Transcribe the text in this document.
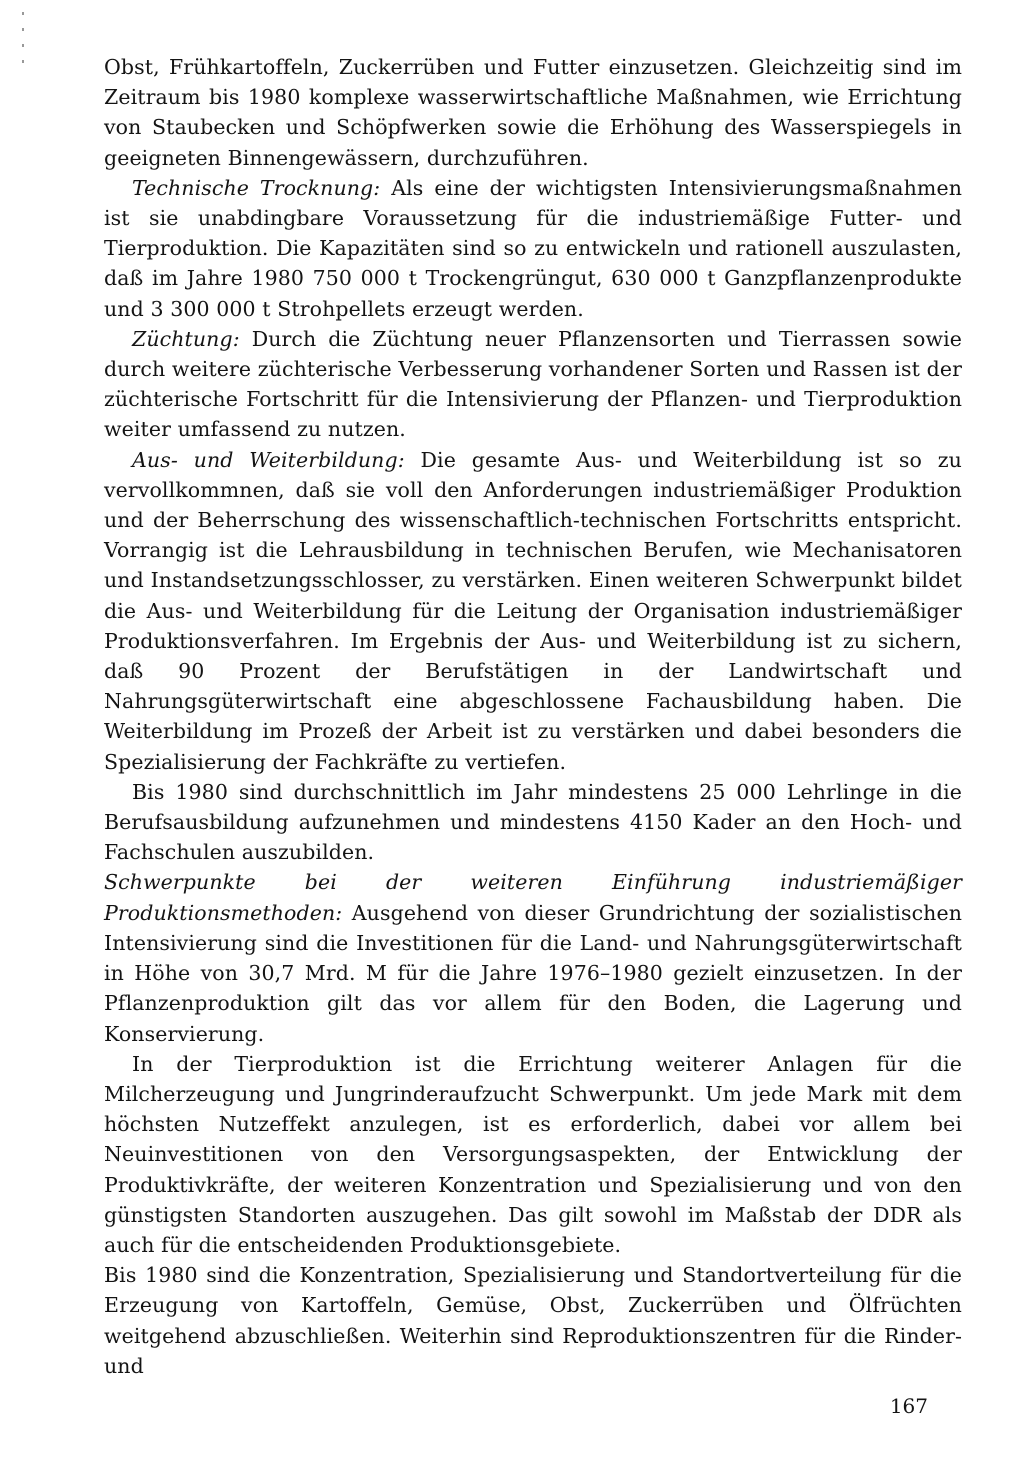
Obst, Frühkartoffeln, Zuckerrüben und Futter einzusetzen. Gleichzeitig sind im Zeitraum bis 1980 komplexe wasserwirtschaftliche Maßnahmen, wie Errichtung von Staubecken und Schöpfwerken sowie die Erhöhung des Wasserspiegels in geeigneten Binnengewässern, durchzuführen.

Technische Trocknung: Als eine der wichtigsten Intensivierungsmaßnahmen ist sie unabdingbare Voraussetzung für die industriemäßige Futter- und Tierproduktion. Die Kapazitäten sind so zu entwickeln und rationell auszulasten, daß im Jahre 1980 750 000 t Trockengrüngut, 630 000 t Ganzpflanzenprodukte und 3 300 000 t Strohpellets erzeugt werden.

Züchtung: Durch die Züchtung neuer Pflanzensorten und Tierrassen sowie durch weitere züchterische Verbesserung vorhandener Sorten und Rassen ist der züchterische Fortschritt für die Intensivierung der Pflanzen- und Tierproduktion weiter umfassend zu nutzen.

Aus- und Weiterbildung: Die gesamte Aus- und Weiterbildung ist so zu vervollkommnen, daß sie voll den Anforderungen industriemäßiger Produktion und der Beherrschung des wissenschaftlich-technischen Fortschritts entspricht. Vorrangig ist die Lehrausbildung in technischen Berufen, wie Mechanisatoren und Instandsetzungsschlosser, zu verstärken. Einen weiteren Schwerpunkt bildet die Aus- und Weiterbildung für die Leitung der Organisation industriemäßiger Produktionsverfahren. Im Ergebnis der Aus- und Weiterbildung ist zu sichern, daß 90 Prozent der Berufstätigen in der Landwirtschaft und Nahrungsgüterwirtschaft eine abgeschlossene Fachausbildung haben. Die Weiterbildung im Prozeß der Arbeit ist zu verstärken und dabei besonders die Spezialisierung der Fachkräfte zu vertiefen.

Bis 1980 sind durchschnittlich im Jahr mindestens 25 000 Lehrlinge in die Berufsausbildung aufzunehmen und mindestens 4150 Kader an den Hoch- und Fachschulen auszubilden.

Schwerpunkte bei der weiteren Einführung industriemäßiger Produktionsmethoden: Ausgehend von dieser Grundrichtung der sozialistischen Intensivierung sind die Investitionen für die Land- und Nahrungsgüterwirtschaft in Höhe von 30,7 Mrd. M für die Jahre 1976–1980 gezielt einzusetzen. In der Pflanzenproduktion gilt das vor allem für den Boden, die Lagerung und Konservierung.

In der Tierproduktion ist die Errichtung weiterer Anlagen für die Milcherzeugung und Jungrinderaufzucht Schwerpunkt. Um jede Mark mit dem höchsten Nutzeffekt anzulegen, ist es erforderlich, dabei vor allem bei Neuinvestitionen von den Versorgungsaspekten, der Entwicklung der Produktivkräfte, der weiteren Konzentration und Spezialisierung und von den günstigsten Standorten auszugehen. Das gilt sowohl im Maßstab der DDR als auch für die entscheidenden Produktionsgebiete.

Bis 1980 sind die Konzentration, Spezialisierung und Standortverteilung für die Erzeugung von Kartoffeln, Gemüse, Obst, Zuckerrüben und Ölfrüchten weitgehend abzuschließen. Weiterhin sind Reproduktionszentren für die Rinder- und

167
